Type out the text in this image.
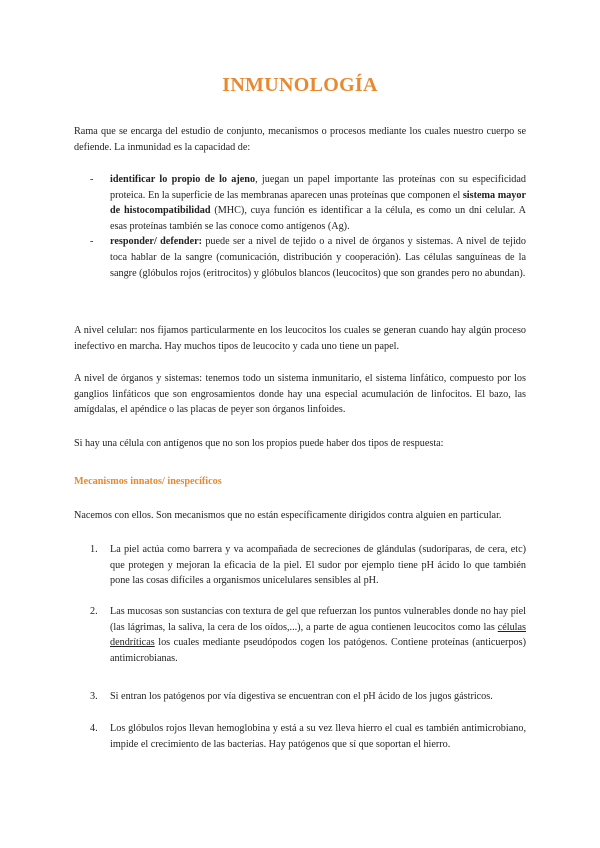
INMUNOLOGÍA

Rama que se encarga del estudio de conjunto, mecanismos o procesos mediante los cuales nuestro cuerpo se defiende. La inmunidad es la capacidad de:

- identificar lo propio de lo ajeno, juegan un papel importante las proteínas con su especificidad proteica. En la superficie de las membranas aparecen unas proteínas que componen el sistema mayor de histocompatibilidad (MHC), cuya función es identificar a la célula, es como un dni celular. A esas proteínas también se las conoce como antígenos (Ag).
- responder/ defender: puede ser a nivel de tejido o a nivel de órganos y sistemas. A nivel de tejido toca hablar de la sangre (comunicación, distribución y cooperación). Las células sanguíneas de la sangre (glóbulos rojos (eritrocitos) y glóbulos blancos (leucocitos) que son grandes pero no abundan).

A nivel celular: nos fijamos particularmente en los leucocitos los cuales se generan cuando hay algún proceso inefectivo en marcha. Hay muchos tipos de leucocito y cada uno tiene un papel.

A nivel de órganos y sistemas: tenemos todo un sistema inmunitario, el sistema linfático, compuesto por los ganglios linfáticos que son engrosamientos donde hay una especial acumulación de linfocitos. El bazo, las amígdalas, el apéndice o las placas de peyer son órganos linfoides.

Si hay una célula con antígenos que no son los propios puede haber dos tipos de respuesta:

Mecanismos innatos/ inespecíficos

Nacemos con ellos. Son mecanismos que no están específicamente dirigidos contra alguien en particular.

1. La piel actúa como barrera y va acompañada de secreciones de glándulas (sudoríparas, de cera, etc) que protegen y mejoran la eficacia de la piel. El sudor por ejemplo tiene pH ácido lo que también pone las cosas difíciles a organismos unicelulares sensibles al pH.
2. Las mucosas son sustancias con textura de gel que refuerzan los puntos vulnerables donde no hay piel (las lágrimas, la saliva, la cera de los oídos,...), a parte de agua contienen leucocitos como las células dendríticas los cuales mediante pseudópodos cogen los patógenos. Contiene proteínas (anticuerpos) antimicrobianas.
3. Si entran los patógenos por vía digestiva se encuentran con el pH ácido de los jugos gástricos.
4. Los glóbulos rojos llevan hemoglobina y está a su vez lleva hierro el cual es también antimicrobiano, impide el crecimiento de las bacterias. Hay patógenos que sí que soportan el hierro.
